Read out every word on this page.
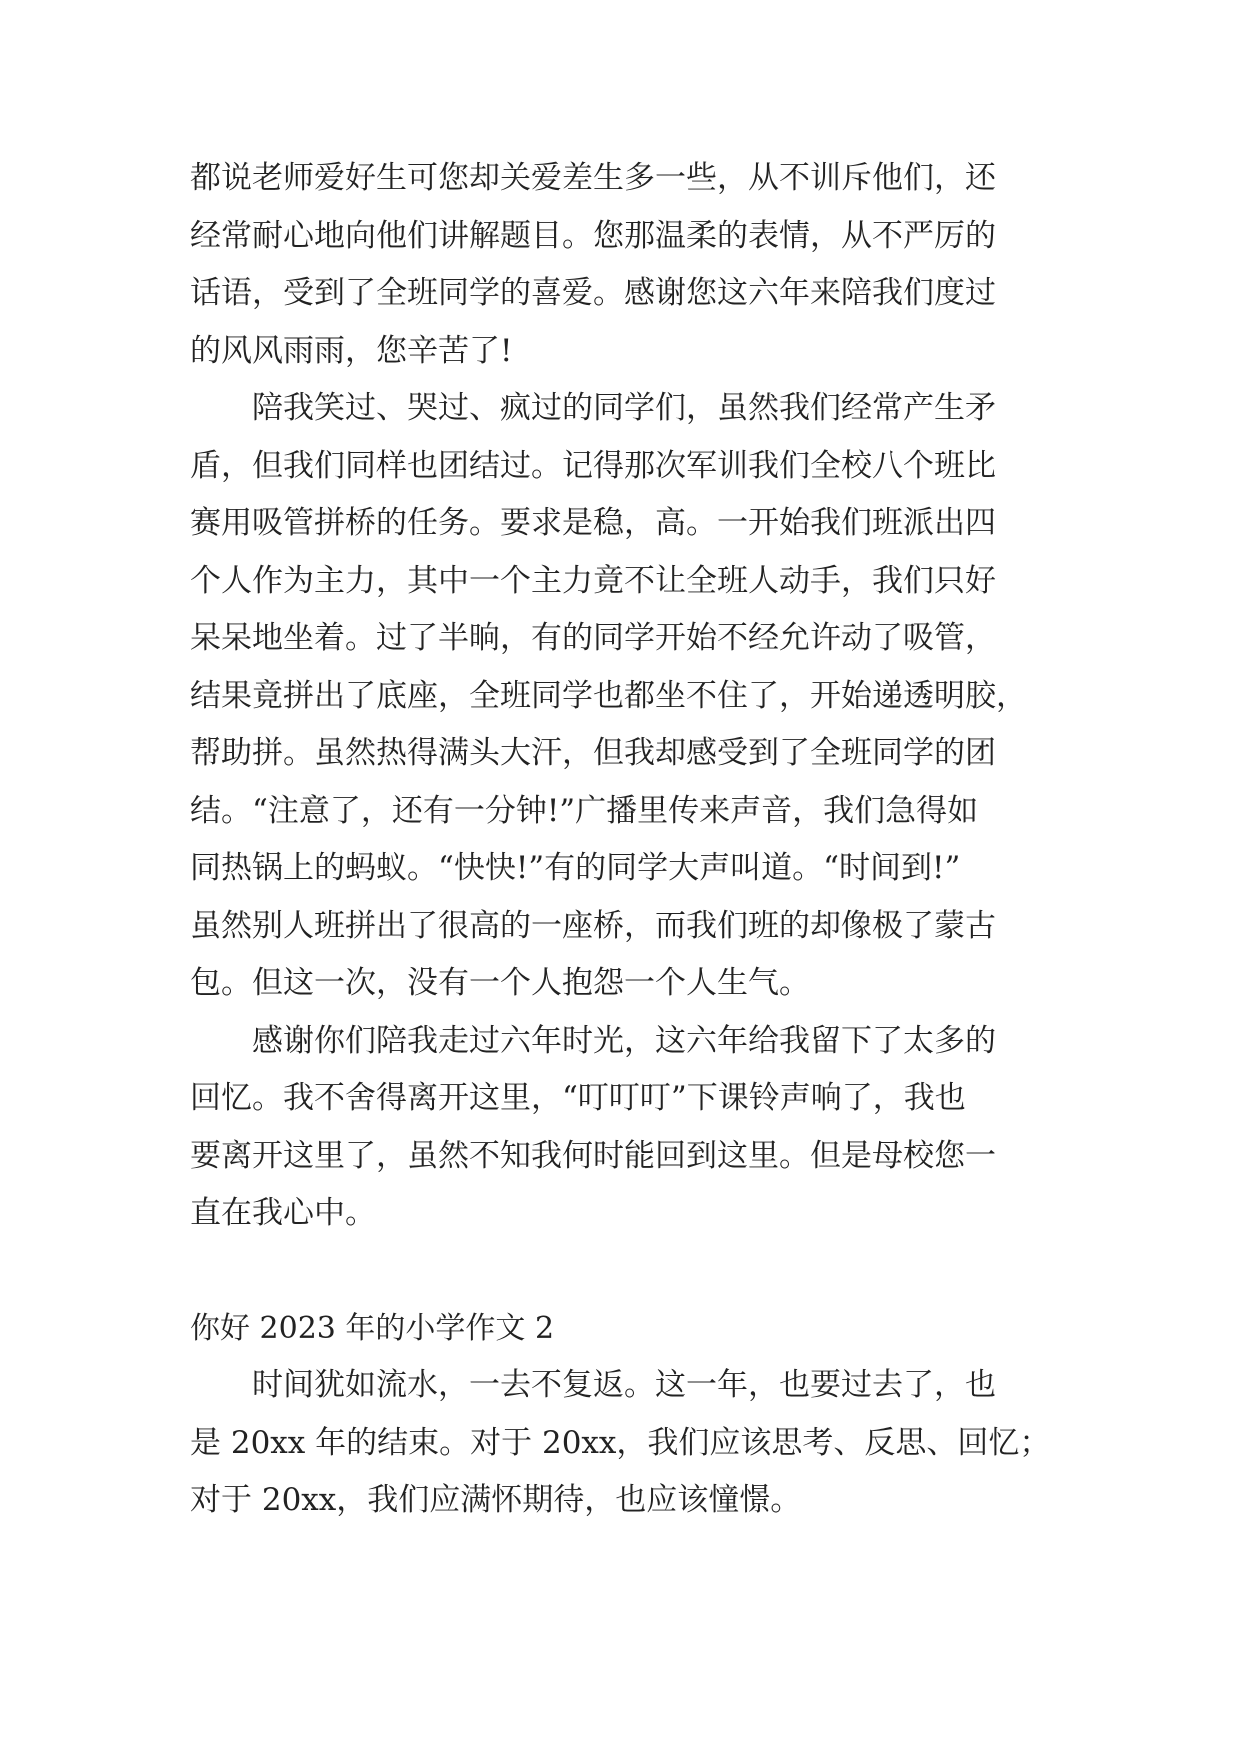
都说老师爱好生可您却关爱差生多一些，从不训斥他们，还
经常耐心地向他们讲解题目。您那温柔的表情，从不严厉的
话语，受到了全班同学的喜爱。感谢您这六年来陪我们度过
的风风雨雨，您辛苦了!

陪我笑过、哭过、疯过的同学们，虽然我们经常产生矛
盾，但我们同样也团结过。记得那次军训我们全校八个班比
赛用吸管拼桥的任务。要求是稳，高。一开始我们班派出四
个人作为主力，其中一个主力竟不让全班人动手，我们只好
呆呆地坐着。过了半晌，有的同学开始不经允许动了吸管，
结果竟拼出了底座，全班同学也都坐不住了，开始递透明胶，
帮助拼。虽然热得满头大汗，但我却感受到了全班同学的团
结。“注意了，还有一分钟!”广播里传来声音，我们急得如
同热锅上的蚂蚁。“快快!”有的同学大声叫道。“时间到!”
虽然别人班拼出了很高的一座桥，而我们班的却像极了蒙古
包。但这一次，没有一个人抱怨一个人生气。

感谢你们陪我走过六年时光，这六年给我留下了太多的
回忆。我不舍得离开这里，“叮叮叮”下课铃声响了，我也
要离开这里了，虽然不知我何时能回到这里。但是母校您一
直在我心中。

你好 2023 年的小学作文 2

时间犹如流水，一去不复返。这一年，也要过去了，也
是 20xx 年的结束。对于 20xx，我们应该思考、反思、回忆；
对于 20xx，我们应满怀期待，也应该憧憬。
